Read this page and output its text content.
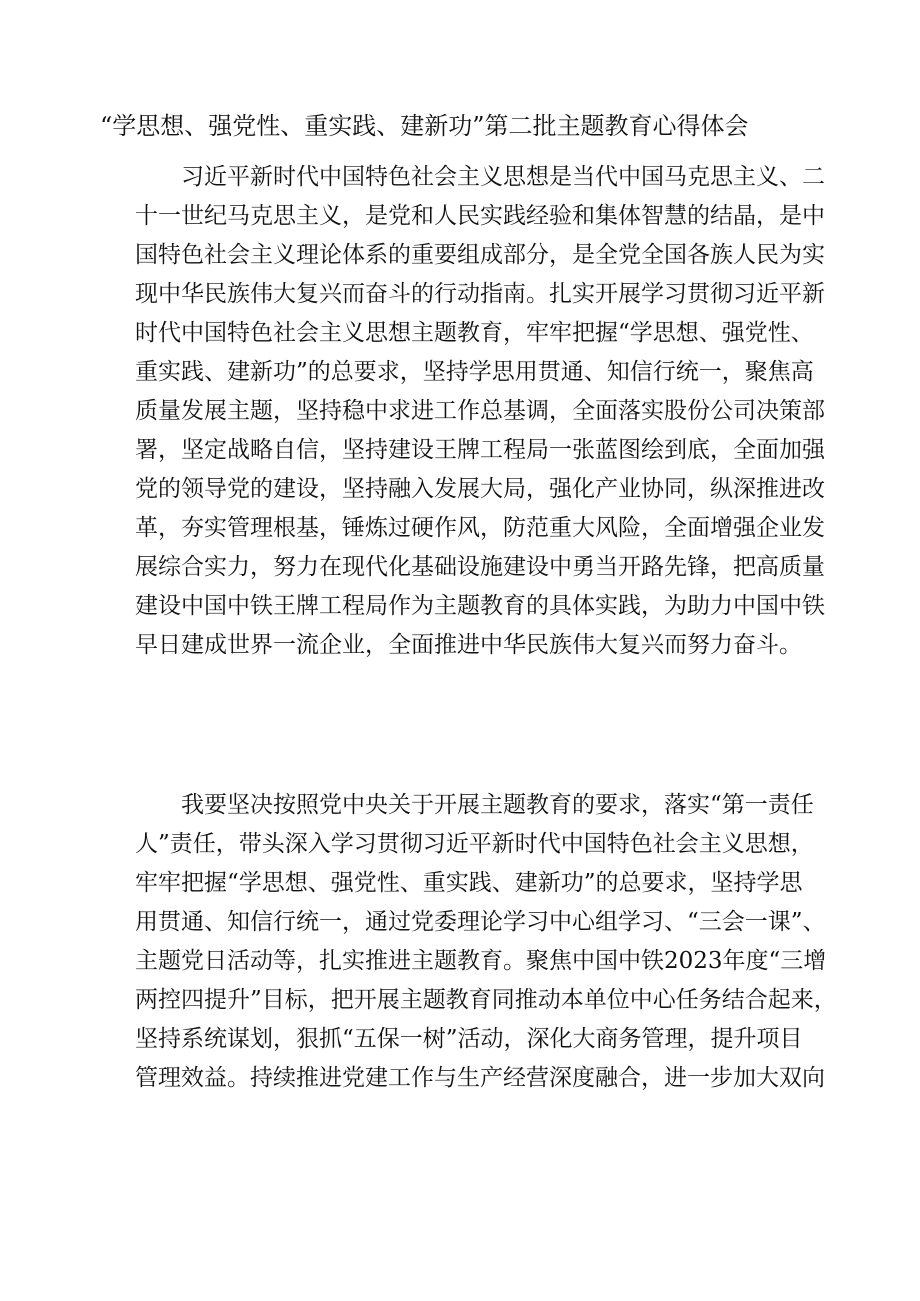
“学思想、强党性、重实践、建新功”第二批主题教育心得体会
习近平新时代中国特色社会主义思想是当代中国马克思主义、二
十一世纪马克思主义，是党和人民实践经验和集体智慧的结晶，是中
国特色社会主义理论体系的重要组成部分，是全党全国各族人民为实
现中华民族伟大复兴而奋斗的行动指南。扎实开展学习贯彻习近平新
时代中国特色社会主义思想主题教育，牢牢把握“学思想、强党性、
重实践、建新功”的总要求，坚持学思用贯通、知信行统一，聚焦高
质量发展主题，坚持稳中求进工作总基调，全面落实股份公司决策部
署，坚定战略自信，坚持建设王牌工程局一张蓝图绘到底，全面加强
党的领导党的建设，坚持融入发展大局，强化产业协同，纵深推进改
革，夯实管理根基，锤炼过硬作风，防范重大风险，全面增强企业发
展综合实力，努力在现代化基础设施建设中勇当开路先锋，把高质量
建设中国中铁王牌工程局作为主题教育的具体实践，为助力中国中铁
早日建成世界一流企业，全面推进中华民族伟大复兴而努力奋斗。
我要坚决按照党中央关于开展主题教育的要求，落实“第一责任
人”责任，带头深入学习贯彻习近平新时代中国特色社会主义思想，
牢牢把握“学思想、强党性、重实践、建新功”的总要求，坚持学思
用贯通、知信行统一，通过党委理论学习中心组学习、“三会一课”、
主题党日活动等，扎实推进主题教育。聚焦中国中铁2023年度“三增
两控四提升”目标，把开展主题教育同推动本单位中心任务结合起来，
坚持系统谋划，狠抓“五保一树”活动，深化大商务管理，提升项目
管理效益。持续推进党建工作与生产经营深度融合，进一步加大双向
